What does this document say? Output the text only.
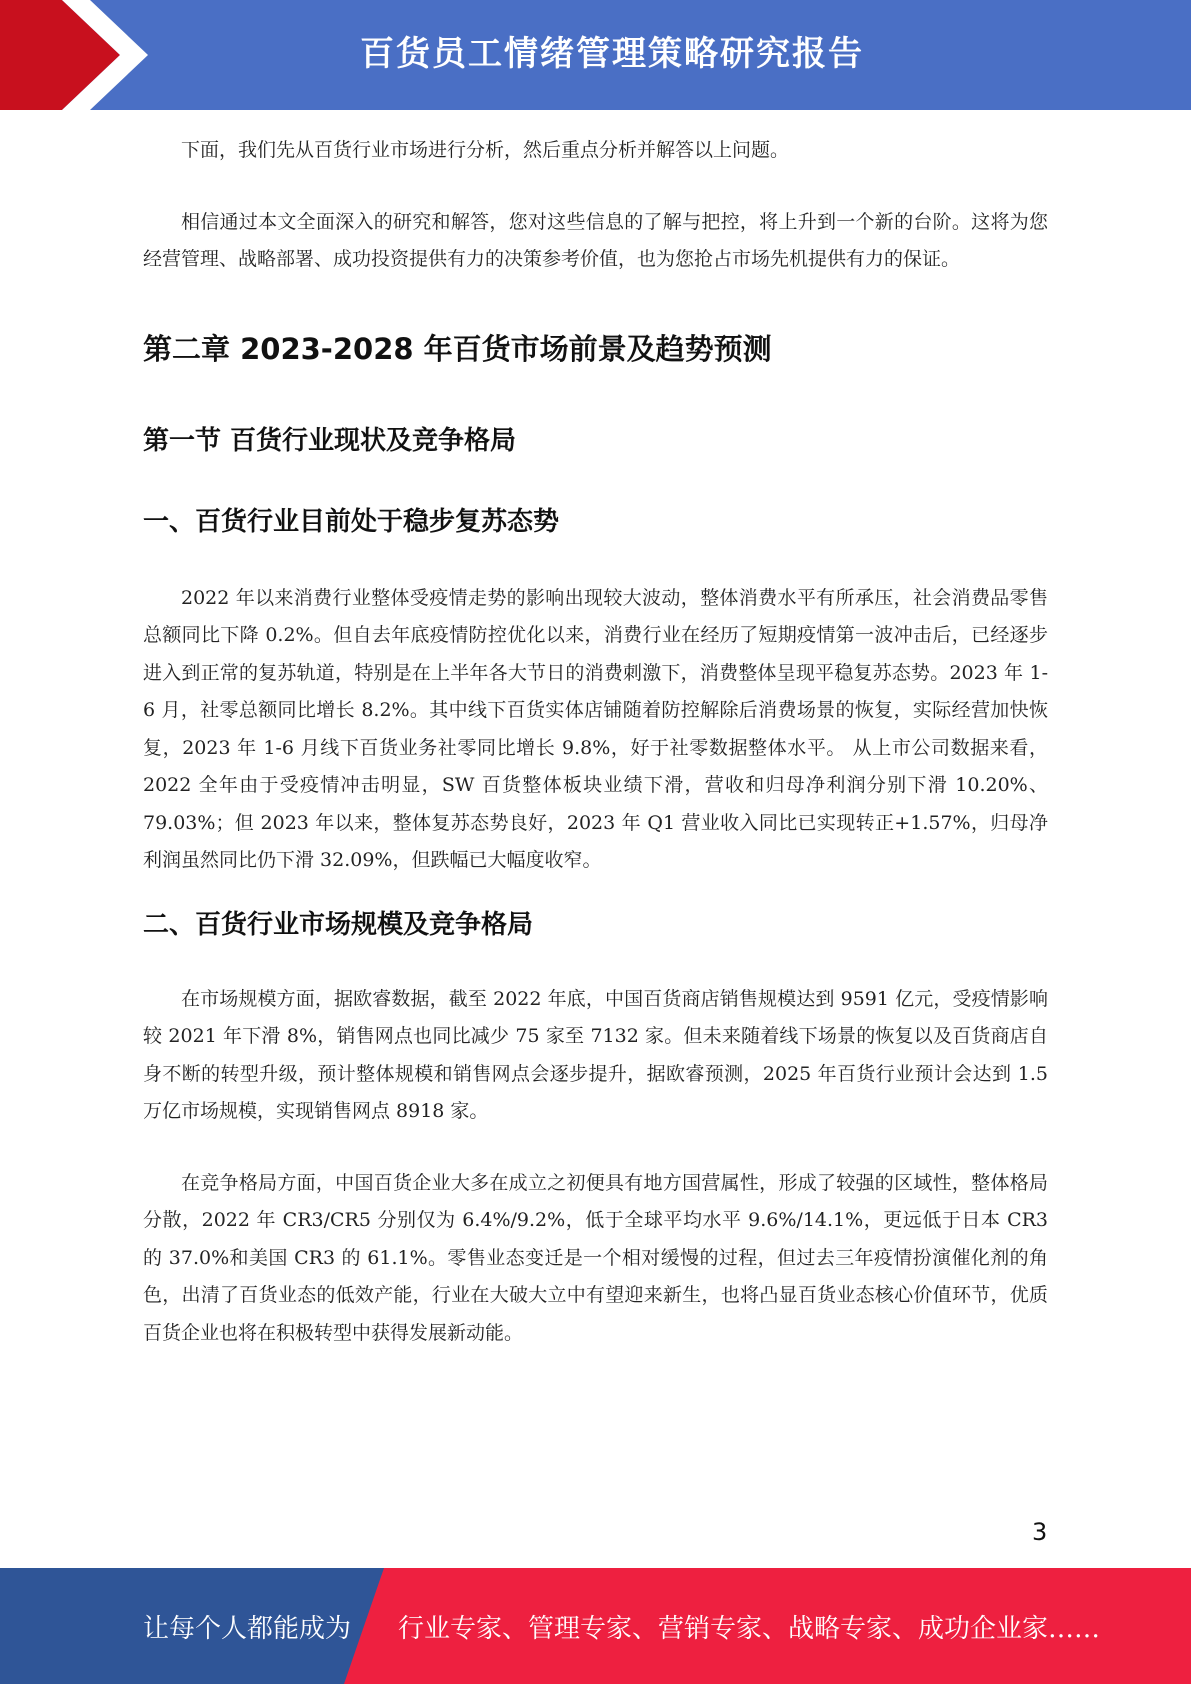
百货员工情绪管理策略研究报告

下面，我们先从百货行业市场进行分析，然后重点分析并解答以上问题。

相信通过本文全面深入的研究和解答，您对这些信息的了解与把控，将上升到一个新的台阶。这将为您经营管理、战略部署、成功投资提供有力的决策参考价值，也为您抢占市场先机提供有力的保证。

第二章 2023-2028 年百货市场前景及趋势预测
第一节 百货行业现状及竞争格局
一、百货行业目前处于稳步复苏态势

2022 年以来消费行业整体受疫情走势的影响出现较大波动，整体消费水平有所承压，社会消费品零售总额同比下降 0.2%。但自去年底疫情防控优化以来，消费行业在经历了短期疫情第一波冲击后，已经逐步进入到正常的复苏轨道，特别是在上半年各大节日的消费刺激下，消费整体呈现平稳复苏态势。2023 年 1-6 月，社零总额同比增长 8.2%。其中线下百货实体店铺随着防控解除后消费场景的恢复，实际经营加快恢复，2023 年 1-6 月线下百货业务社零同比增长 9.8%，好于社零数据整体水平。 从上市公司数据来看，2022 全年由于受疫情冲击明显，SW 百货整体板块业绩下滑，营收和归母净利润分别下滑 10.20%、79.03%；但 2023 年以来，整体复苏态势良好，2023 年 Q1 营业收入同比已实现转正+1.57%，归母净利润虽然同比仍下滑 32.09%，但跌幅已大幅度收窄。

二、百货行业市场规模及竞争格局

在市场规模方面，据欧睿数据，截至 2022 年底，中国百货商店销售规模达到 9591 亿元，受疫情影响较 2021 年下滑 8%，销售网点也同比减少 75 家至 7132 家。但未来随着线下场景的恢复以及百货商店自身不断的转型升级，预计整体规模和销售网点会逐步提升，据欧睿预测，2025 年百货行业预计会达到 1.5 万亿市场规模，实现销售网点 8918 家。

在竞争格局方面，中国百货企业大多在成立之初便具有地方国营属性，形成了较强的区域性，整体格局分散，2022 年 CR3/CR5 分别仅为 6.4%/9.2%，低于全球平均水平 9.6%/14.1%，更远低于日本 CR3 的 37.0%和美国 CR3 的 61.1%。零售业态变迁是一个相对缓慢的过程，但过去三年疫情扮演催化剂的角色，出清了百货业态的低效产能，行业在大破大立中有望迎来新生，也将凸显百货业态核心价值环节，优质百货企业也将在积极转型中获得发展新动能。

3
让每个人都能成为 行业专家、管理专家、营销专家、战略专家、成功企业家……
